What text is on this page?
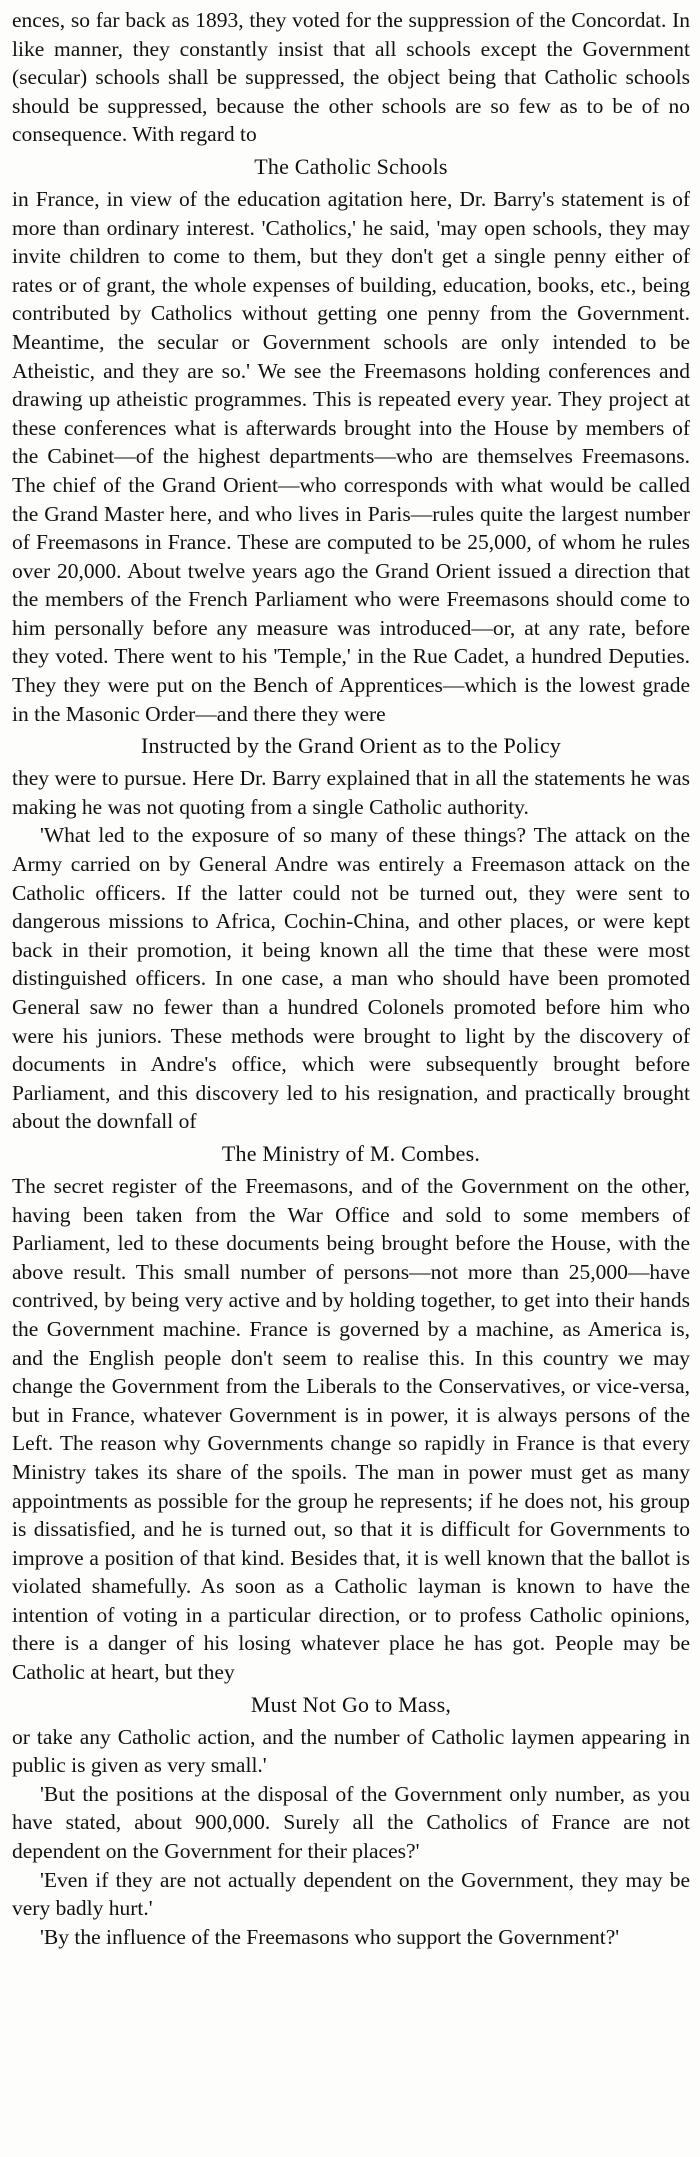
ences, so far back as 1893, they voted for the suppression of the Concordat. In like manner, they constantly insist that all schools except the Government (secular) schools shall be suppressed, the object being that Catholic schools should be suppressed, because the other schools are so few as to be of no consequence. With regard to

The Catholic Schools

in France, in view of the education agitation here, Dr. Barry's statement is of more than ordinary interest. 'Catholics,' he said, 'may open schools, they may invite children to come to them, but they don't get a single penny either of rates or of grant, the whole expenses of building, education, books, etc., being contributed by Catholics without getting one penny from the Government. Meantime, the secular or Government schools are only intended to be Atheistic, and they are so.' We see the Freemasons holding conferences and drawing up atheistic programmes. This is repeated every year. They project at these conferences what is afterwards brought into the House by members of the Cabinet—of the highest departments—who are themselves Freemasons. The chief of the Grand Orient—who corresponds with what would be called the Grand Master here, and who lives in Paris—rules quite the largest number of Freemasons in France. These are computed to be 25,000, of whom he rules over 20,000. About twelve years ago the Grand Orient issued a direction that the members of the French Parliament who were Freemasons should come to him personally before any measure was introduced—or, at any rate, before they voted. There went to his 'Temple,' in the Rue Cadet, a hundred Deputies. They they were put on the Bench of Apprentices—which is the lowest grade in the Masonic Order—and there they were

Instructed by the Grand Orient as to the Policy

they were to pursue. Here Dr. Barry explained that in all the statements he was making he was not quoting from a single Catholic authority.

'What led to the exposure of so many of these things? The attack on the Army carried on by General Andre was entirely a Freemason attack on the Catholic officers. If the latter could not be turned out, they were sent to dangerous missions to Africa, Cochin-China, and other places, or were kept back in their promotion, it being known all the time that these were most distinguished officers. In one case, a man who should have been promoted General saw no fewer than a hundred Colonels promoted before him who were his juniors. These methods were brought to light by the discovery of documents in Andre's office, which were subsequently brought before Parliament, and this discovery led to his resignation, and practically brought about the downfall of

The Ministry of M. Combes.

The secret register of the Freemasons, and of the Government on the other, having been taken from the War Office and sold to some members of Parliament, led to these documents being brought before the House, with the above result. This small number of persons—not more than 25,000—have contrived, by being very active and by holding together, to get into their hands the Government machine. France is governed by a machine, as America is, and the English people don't seem to realise this. In this country we may change the Government from the Liberals to the Conservatives, or vice-versa, but in France, whatever Government is in power, it is always persons of the Left. The reason why Governments change so rapidly in France is that every Ministry takes its share of the spoils. The man in power must get as many appointments as possible for the group he represents; if he does not, his group is dissatisfied, and he is turned out, so that it is difficult for Governments to improve a position of that kind. Besides that, it is well known that the ballot is violated shamefully. As soon as a Catholic layman is known to have the intention of voting in a particular direction, or to profess Catholic opinions, there is a danger of his losing whatever place he has got. People may be Catholic at heart, but they

Must Not Go to Mass,

or take any Catholic action, and the number of Catholic laymen appearing in public is given as very small.'

'But the positions at the disposal of the Government only number, as you have stated, about 900,000. Surely all the Catholics of France are not dependent on the Government for their places?'

'Even if they are not actually dependent on the Government, they may be very badly hurt.'

'By the influence of the Freemasons who support the Government?'
